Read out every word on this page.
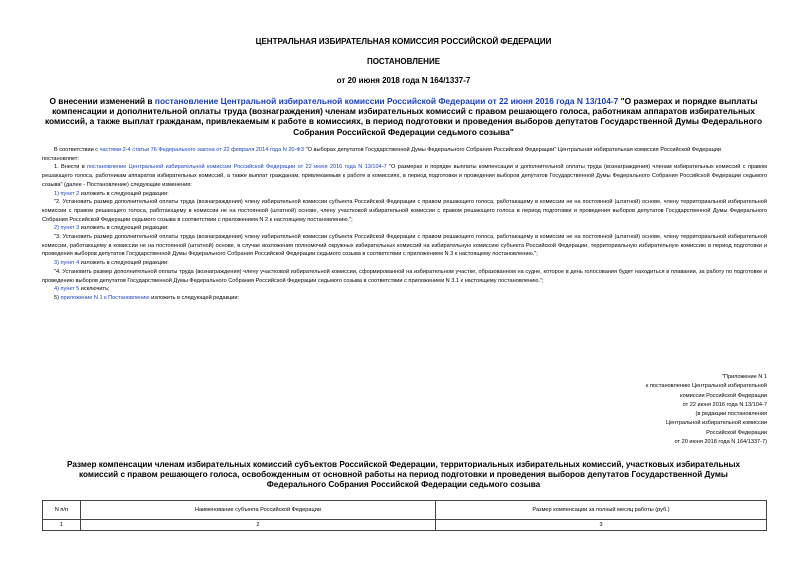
ЦЕНТРАЛЬНАЯ ИЗБИРАТЕЛЬНАЯ КОМИССИЯ РОССИЙСКОЙ ФЕДЕРАЦИИ
ПОСТАНОВЛЕНИЕ
от 20 июня 2018 года N 164/1337-7
О внесении изменений в постановление Центральной избирательной комиссии Российской Федерации от 22 июня 2016 года N 13/104-7 "О размерах и порядке выплаты компенсации и дополнительной оплаты труда (вознаграждения) членам избирательных комиссий с правом решающего голоса, работникам аппаратов избирательных комиссий, а также выплат гражданам, привлекаемым к работе в комиссиях, в период подготовки и проведения выборов депутатов Государственной Думы Федерального Собрания Российской Федерации седьмого созыва"

В соответствии с частями 2-4 статьи 76 Федерального закона от 22 февраля 2014 года N 20-ФЗ "О выборах депутатов Государственной Думы Федерального Собрания Российской Федерации" Центральная избирательная комиссия Российской Федерации

постановляет:

1. Внести в постановление Центральной избирательной комиссии Российской Федерации от 22 июня 2016 года N 13/104-7 "О размерах и порядке выплаты компенсации и дополнительной оплаты труда (вознаграждения) членам избирательных комиссий с правом решающего голоса, работникам аппаратов избирательных комиссий, а также выплат гражданам, привлекаемым к работе в комиссиях, в период подготовки и проведения выборов депутатов Государственной Думы Федерального Собрания Российской Федерации седьмого созыва" (далее - Постановление) следующие изменения:

1) пункт 2 изложить в следующей редакции:

"2. Установить размер дополнительной оплаты труда (вознаграждения) члену избирательной комиссии субъекта Российской Федерации с правом решающего голоса, работающему в комиссии не на постоянной (штатной) основе, члену территориальной избирательной комиссии с правом решающего голоса, работающему в комиссии не на постоянной (штатной) основе, члену участковой избирательной комиссии с правом решающего голоса в период подготовки и проведения выборов депутатов Государственной Думы Федерального Собрания Российской Федерации седьмого созыва в соответствии с приложением N 2 к настоящему постановлению.";

2) пункт 3 изложить в следующей редакции:

"3. Установить размер дополнительной оплаты труда (вознаграждения) члену избирательной комиссии субъекта Российской Федерации с правом решающего голоса, работающему в комиссии не на постоянной (штатной) основе, члену территориальной избирательной комиссии, работающему в комиссии не на постоянной (штатной) основе, в случае возложения полномочий окружных избирательных комиссий на избирательную комиссию субъекта Российской Федерации, территориальную избирательную комиссию в период подготовки и проведения выборов депутатов Государственной Думы Федерального Собрания Российской Федерации седьмого созыва в соответствии с приложением N 3 к настоящему постановлению.";

3) пункт 4 изложить в следующей редакции:

"4. Установить размер дополнительной оплаты труда (вознаграждения) члену участковой избирательной комиссии, сформированной на избирательном участке, образованном на судне, которое в день голосования будет находиться в плавании, за работу по подготовке и проведению выборов депутатов Государственной Думы Федерального Собрания Российской Федерации седьмого созыва в соответствии с приложением N 3.1 к настоящему постановлению.";

4) пункт 5 исключить;

5) приложение N 1 к Постановлению изложить в следующей редакции:

"Приложение N 1
к постановлению Центральной избирательной
комиссии Российской Федерации
от 22 июня 2016 года N 13/104-7
(в редакции постановления
Центральной избирательной комиссии
Российской Федерации
от 20 июня 2018 года N 164/1337-7)
Размер компенсации членам избирательных комиссий субъектов Российской Федерации, территориальных избирательных комиссий, участковых избирательных комиссий с правом решающего голоса, освобожденным от основной работы на период подготовки и проведения выборов депутатов Государственной Думы Федерального Собрания Российской Федерации седьмого созыва
N п/п	Наименование субъекта Российской Федерации	Размер компенсации за полный месяц работы (руб.)
1	2	3
